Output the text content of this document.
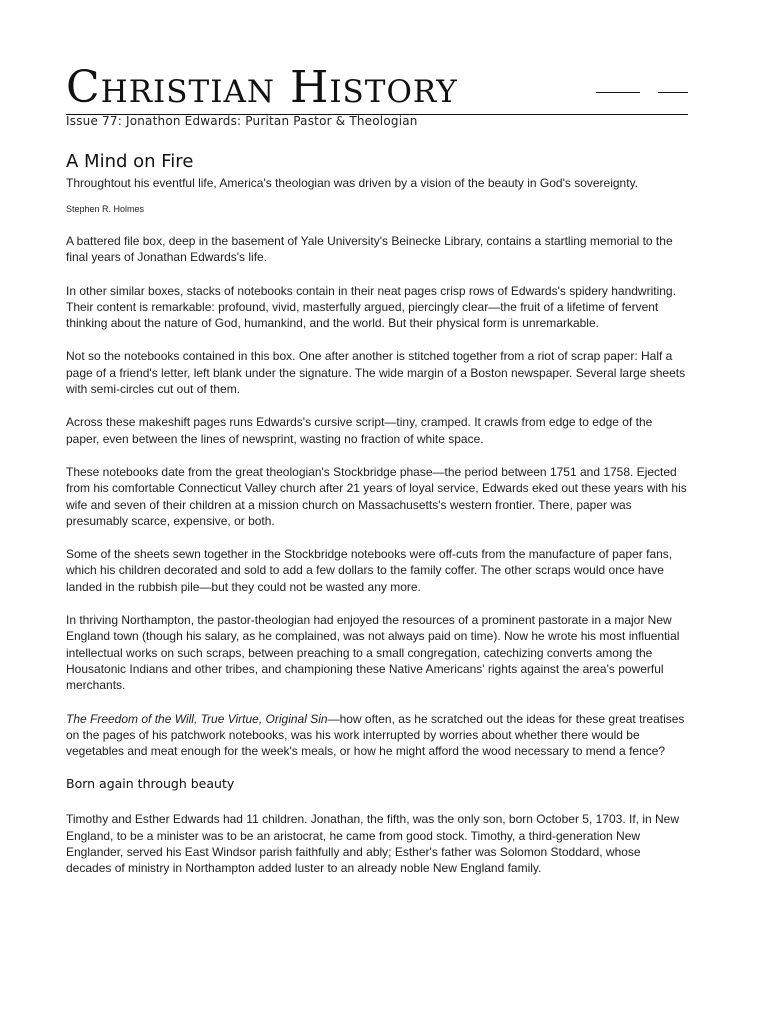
Christian History
Issue 77: Jonathon Edwards: Puritan Pastor & Theologian
A Mind on Fire
Throughtout his eventful life, America's theologian was driven by a vision of the beauty in God's sovereignty.
Stephen R. Holmes

A battered file box, deep in the basement of Yale University's Beinecke Library, contains a startling memorial to the final years of Jonathan Edwards's life.

In other similar boxes, stacks of notebooks contain in their neat pages crisp rows of Edwards's spidery handwriting. Their content is remarkable: profound, vivid, masterfully argued, piercingly clear—the fruit of a lifetime of fervent thinking about the nature of God, humankind, and the world. But their physical form is unremarkable.

Not so the notebooks contained in this box. One after another is stitched together from a riot of scrap paper: Half a page of a friend's letter, left blank under the signature. The wide margin of a Boston newspaper. Several large sheets with semi-circles cut out of them.

Across these makeshift pages runs Edwards's cursive script—tiny, cramped. It crawls from edge to edge of the paper, even between the lines of newsprint, wasting no fraction of white space.

These notebooks date from the great theologian's Stockbridge phase—the period between 1751 and 1758. Ejected from his comfortable Connecticut Valley church after 21 years of loyal service, Edwards eked out these years with his wife and seven of their children at a mission church on Massachusetts's western frontier. There, paper was presumably scarce, expensive, or both.

Some of the sheets sewn together in the Stockbridge notebooks were off-cuts from the manufacture of paper fans, which his children decorated and sold to add a few dollars to the family coffer. The other scraps would once have landed in the rubbish pile—but they could not be wasted any more.

In thriving Northampton, the pastor-theologian had enjoyed the resources of a prominent pastorate in a major New England town (though his salary, as he complained, was not always paid on time). Now he wrote his most influential intellectual works on such scraps, between preaching to a small congregation, catechizing converts among the Housatonic Indians and other tribes, and championing these Native Americans' rights against the area's powerful merchants.

The Freedom of the Will, True Virtue, Original Sin—how often, as he scratched out the ideas for these great treatises on the pages of his patchwork notebooks, was his work interrupted by worries about whether there would be vegetables and meat enough for the week's meals, or how he might afford the wood necessary to mend a fence?

Born again through beauty

Timothy and Esther Edwards had 11 children. Jonathan, the fifth, was the only son, born October 5, 1703. If, in New England, to be a minister was to be an aristocrat, he came from good stock. Timothy, a third-generation New Englander, served his East Windsor parish faithfully and ably; Esther's father was Solomon Stoddard, whose decades of ministry in Northampton added luster to an already noble New England family.
